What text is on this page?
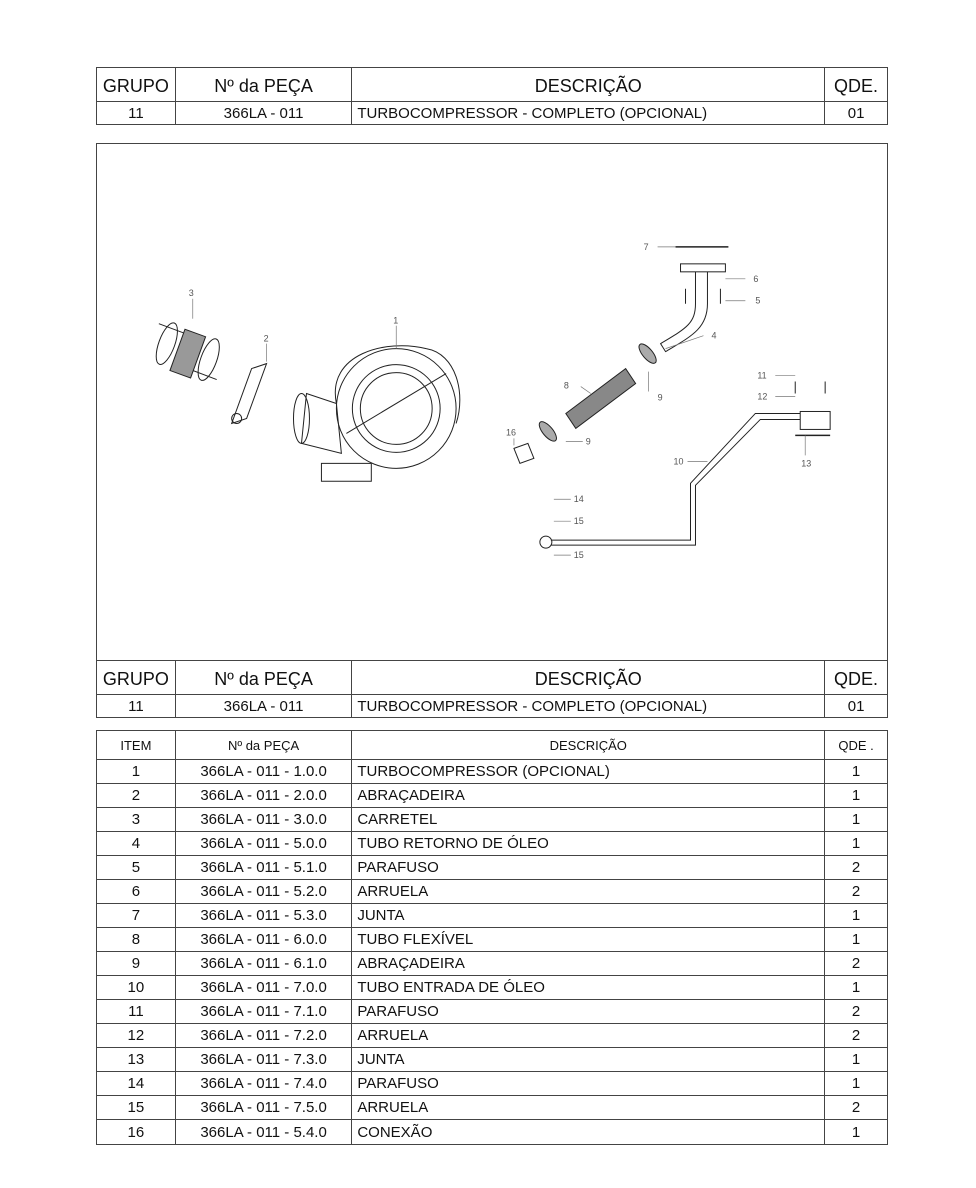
GRUPO	Nº da PEÇA	DESCRIÇÃO	QDE.
11	366LA - 011	TURBOCOMPRESSOR - COMPLETO (OPCIONAL)	01
3
2
1
4
5
6
7
8
9
9
10
11
12
13
14
15
15
16
GRUPO	Nº da PEÇA	DESCRIÇÃO	QDE.
11	366LA - 011	TURBOCOMPRESSOR - COMPLETO (OPCIONAL)	01
ITEM	Nº da PEÇA	DESCRIÇÃO	QDE .
1	366LA - 011 - 1.0.0	TURBOCOMPRESSOR (OPCIONAL)	1
2	366LA - 011 - 2.0.0	ABRAÇADEIRA	1
3	366LA - 011 - 3.0.0	CARRETEL	1
4	366LA - 011 - 5.0.0	TUBO RETORNO DE ÓLEO	1
5	366LA - 011 - 5.1.0	PARAFUSO	2
6	366LA - 011 - 5.2.0	ARRUELA	2
7	366LA - 011 - 5.3.0	JUNTA	1
8	366LA - 011 - 6.0.0	TUBO FLEXÍVEL	1
9	366LA - 011 - 6.1.0	ABRAÇADEIRA	2
10	366LA - 011 - 7.0.0	TUBO ENTRADA DE ÓLEO	1
11	366LA - 011 - 7.1.0	PARAFUSO	2
12	366LA - 011 - 7.2.0	ARRUELA	2
13	366LA - 011 - 7.3.0	JUNTA	1
14	366LA - 011 - 7.4.0	PARAFUSO	1
15	366LA - 011 - 7.5.0	ARRUELA	2
16	366LA - 011 - 5.4.0	CONEXÃO	1
